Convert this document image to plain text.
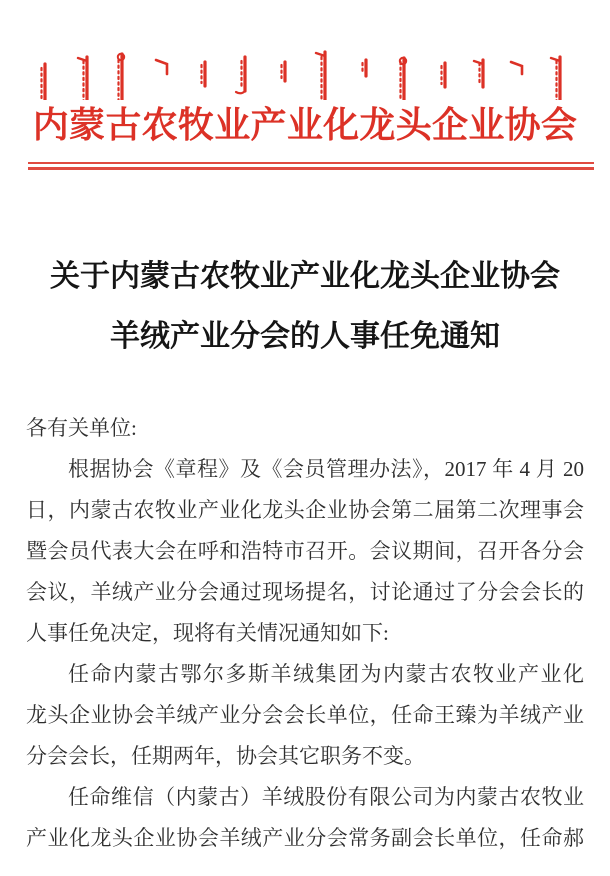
内蒙古农牧业产业化龙头企业协会
关于内蒙古农牧业产业化龙头企业协会
羊绒产业分会的人事任免通知
各有关单位:
根据协会《章程》及《会员管理办法》，2017 年 4 月 20
日，内蒙古农牧业产业化龙头企业协会第二届第二次理事会
暨会员代表大会在呼和浩特市召开。会议期间，召开各分会
会议，羊绒产业分会通过现场提名，讨论通过了分会会长的
人事任免决定，现将有关情况通知如下:
任命内蒙古鄂尔多斯羊绒集团为内蒙古农牧业产业化
龙头企业协会羊绒产业分会会长单位，任命王臻为羊绒产业
分会会长，任期两年，协会其它职务不变。
任命维信（内蒙古）羊绒股份有限公司为内蒙古农牧业
产业化龙头企业协会羊绒产业分会常务副会长单位，任命郝
